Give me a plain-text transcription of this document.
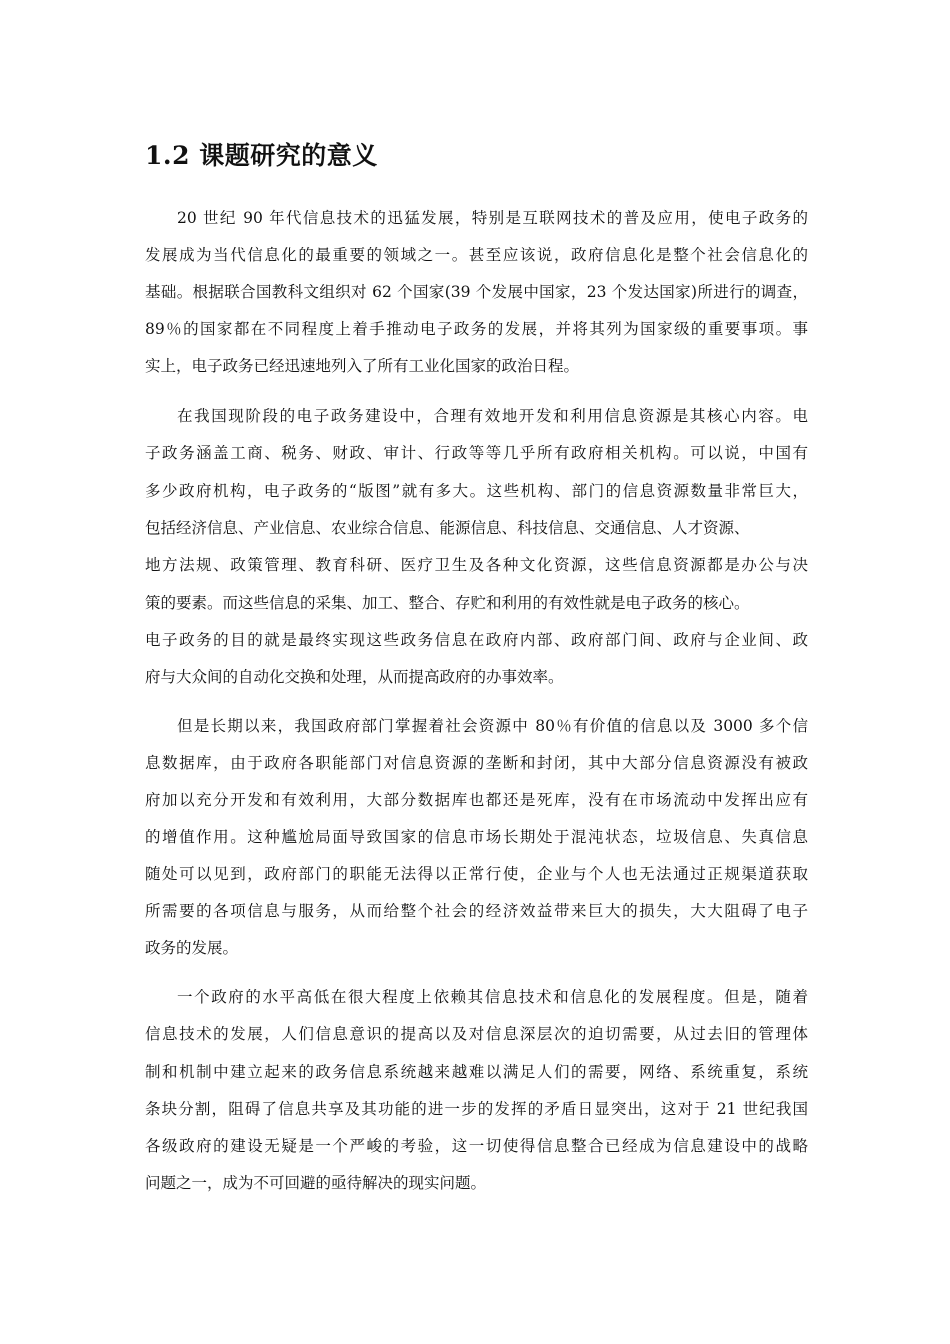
1.2 课题研究的意义

20 世纪 90 年代信息技术的迅猛发展，特别是互联网技术的普及应用，使电子政务的

发展成为当代信息化的最重要的领域之一。甚至应该说，政府信息化是整个社会信息化的

基础。根据联合国教科文组织对 62 个国家(39 个发展中国家，23 个发达国家)所进行的调查，

89％的国家都在不同程度上着手推动电子政务的发展，并将其列为国家级的重要事项。事

实上，电子政务已经迅速地列入了所有工业化国家的政治日程。

在我国现阶段的电子政务建设中，合理有效地开发和利用信息资源是其核心内容。电

子政务涵盖工商、税务、财政、审计、行政等等几乎所有政府相关机构。可以说，中国有

多少政府机构，电子政务的“版图”就有多大。这些机构、部门的信息资源数量非常巨大，

包括经济信息、产业信息、农业综合信息、能源信息、科技信息、交通信息、人才资源、

地方法规、政策管理、教育科研、医疗卫生及各种文化资源，这些信息资源都是办公与决

策的要素。而这些信息的采集、加工、整合、存贮和利用的有效性就是电子政务的核心。

电子政务的目的就是最终实现这些政务信息在政府内部、政府部门间、政府与企业间、政

府与大众间的自动化交换和处理，从而提高政府的办事效率。

但是长期以来，我国政府部门掌握着社会资源中 80％有价值的信息以及 3000 多个信

息数据库，由于政府各职能部门对信息资源的垄断和封闭，其中大部分信息资源没有被政

府加以充分开发和有效利用，大部分数据库也都还是死库，没有在市场流动中发挥出应有

的增值作用。这种尴尬局面导致国家的信息市场长期处于混沌状态，垃圾信息、失真信息

随处可以见到，政府部门的职能无法得以正常行使，企业与个人也无法通过正规渠道获取

所需要的各项信息与服务，从而给整个社会的经济效益带来巨大的损失，大大阻碍了电子

政务的发展。

一个政府的水平高低在很大程度上依赖其信息技术和信息化的发展程度。但是，随着

信息技术的发展，人们信息意识的提高以及对信息深层次的迫切需要，从过去旧的管理体

制和机制中建立起来的政务信息系统越来越难以满足人们的需要，网络、系统重复，系统

条块分割，阻碍了信息共享及其功能的进一步的发挥的矛盾日显突出，这对于 21 世纪我国

各级政府的建设无疑是一个严峻的考验，这一切使得信息整合已经成为信息建设中的战略

问题之一，成为不可回避的亟待解决的现实问题。
